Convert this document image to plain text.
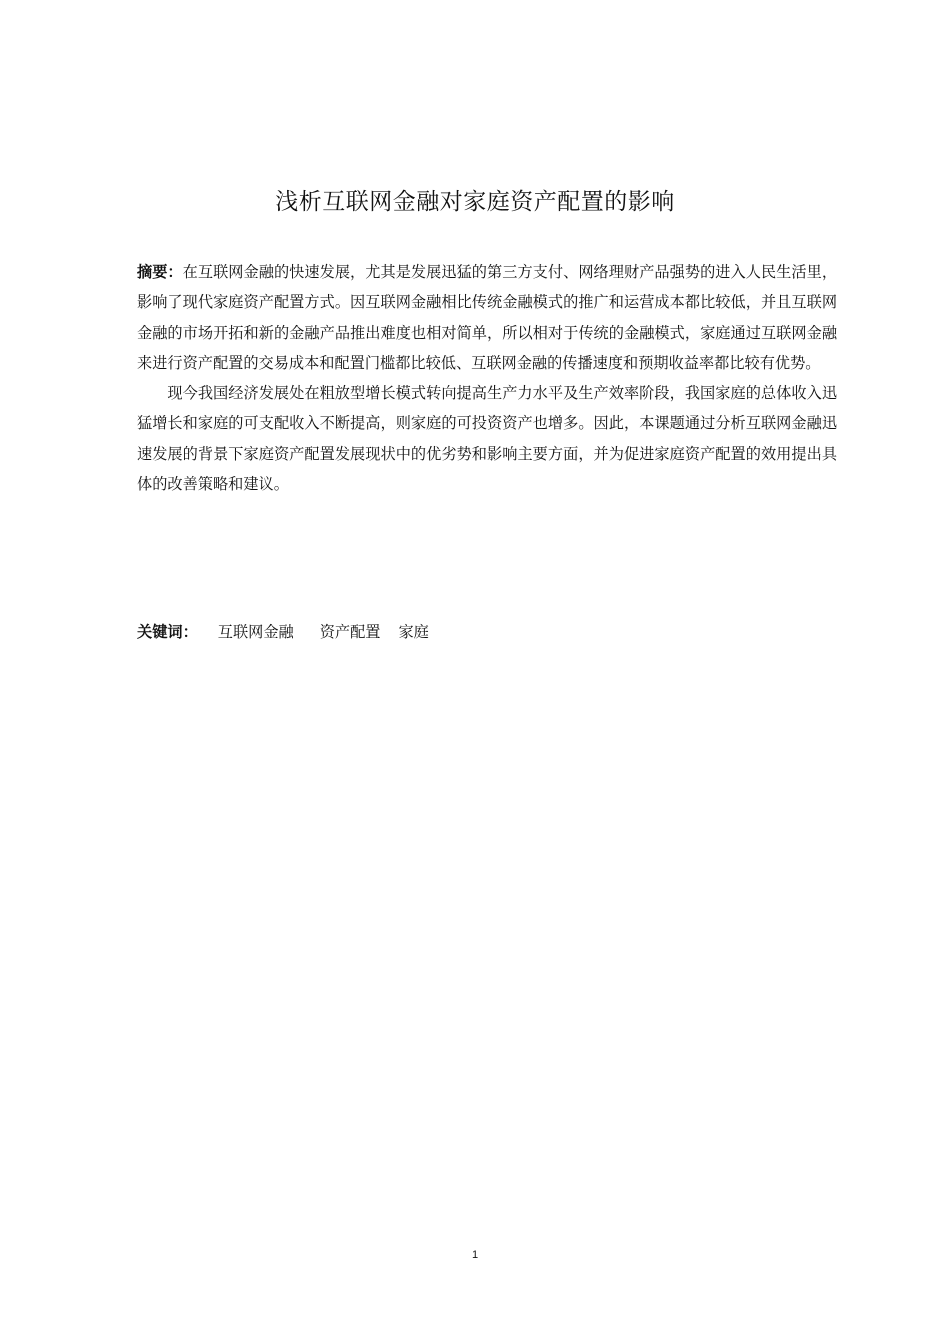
浅析互联网金融对家庭资产配置的影响

摘要：在互联网金融的快速发展，尤其是发展迅猛的第三方支付、网络理财产品强势的进入人民生活里，影响了现代家庭资产配置方式。因互联网金融相比传统金融模式的推广和运营成本都比较低，并且互联网金融的市场开拓和新的金融产品推出难度也相对简单，所以相对于传统的金融模式，家庭通过互联网金融来进行资产配置的交易成本和配置门槛都比较低、互联网金融的传播速度和预期收益率都比较有优势。

现今我国经济发展处在粗放型增长模式转向提高生产力水平及生产效率阶段，我国家庭的总体收入迅猛增长和家庭的可支配收入不断提高，则家庭的可投资资产也增多。因此，本课题通过分析互联网金融迅速发展的背景下家庭资产配置发展现状中的优劣势和影响主要方面，并为促进家庭资产配置的效用提出具体的改善策略和建议。

关键词： 互联网金融 资产配置 家庭
1
